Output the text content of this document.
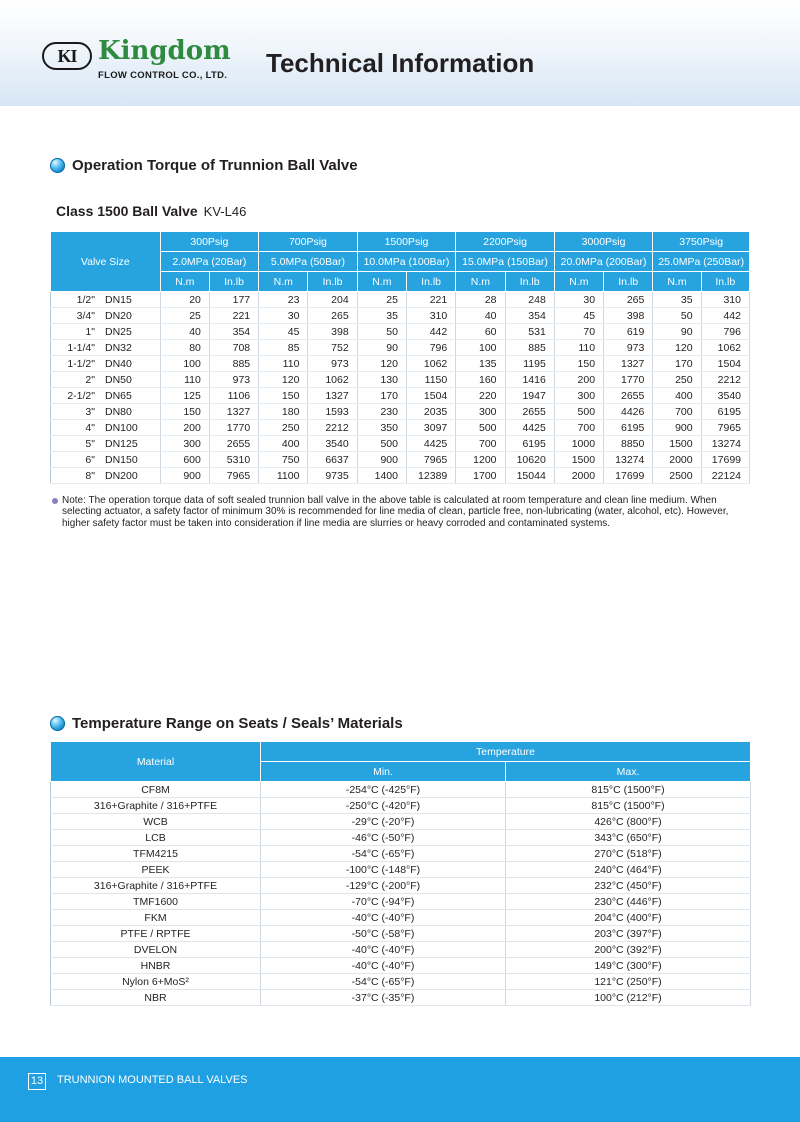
KI Kingdom
FLOW CONTROL CO., LTD. Technical Information
Operation Torque of Trunnion Ball Valve
Class 1500 Ball Valve KV-L46
Valve Size	300Psig		700Psig		1500Psig		2200Psig		3000Psig		3750Psig	
	2.0MPa (20Bar)		5.0MPa (50Bar)		10.0MPa (100Bar)		15.0MPa (150Bar)		20.0MPa (200Bar)		25.0MPa (250Bar)	
	N.m	In.lb	N.m	In.lb	N.m	In.lb	N.m	In.lb	N.m	In.lb	N.m	In.lb
1/2" DN15	20	177	23	204	25	221	28	248	30	265	35	310
3/4" DN20	25	221	30	265	35	310	40	354	45	398	50	442
1" DN25	40	354	45	398	50	442	60	531	70	619	90	796
1-1/4" DN32	80	708	85	752	90	796	100	885	110	973	120	1062
1-1/2" DN40	100	885	110	973	120	1062	135	1195	150	1327	170	1504
2" DN50	110	973	120	1062	130	1150	160	1416	200	1770	250	2212
2-1/2" DN65	125	1106	150	1327	170	1504	220	1947	300	2655	400	3540
3" DN80	150	1327	180	1593	230	2035	300	2655	500	4426	700	6195
4" DN100	200	1770	250	2212	350	3097	500	4425	700	6195	900	7965
5" DN125	300	2655	400	3540	500	4425	700	6195	1000	8850	1500	13274
6" DN150	600	5310	750	6637	900	7965	1200	10620	1500	13274	2000	17699
8" DN200	900	7965	1100	9735	1400	12389	1700	15044	2000	17699	2500	22124
Note: The operation torque data of soft sealed trunnion ball valve in the above table is calculated at room temperature and clean line medium. When selecting actuator, a safety factor of minimum 30% is recommended for line media of clean, particle free, non-lubricating (water, alcohol, etc). However, higher safety factor must be taken into consideration if line media are slurries or heavy corroded and contaminated systems.
Temperature Range on Seats / Seals’ Materials
Material	Temperature	
	Min.	Max.
CF8M	-254°C (-425°F)	815°C (1500°F)
316+Graphite / 316+PTFE	-250°C (-420°F)	815°C (1500°F)
WCB	-29°C (-20°F)	426°C (800°F)
LCB	-46°C (-50°F)	343°C (650°F)
TFM4215	-54°C (-65°F)	270°C (518°F)
PEEK	-100°C (-148°F)	240°C (464°F)
316+Graphite / 316+PTFE	-129°C (-200°F)	232°C (450°F)
TMF1600	-70°C (-94°F)	230°C (446°F)
FKM	-40°C (-40°F)	204°C (400°F)
PTFE / RPTFE	-50°C (-58°F)	203°C (397°F)
DVELON	-40°C (-40°F)	200°C (392°F)
HNBR	-40°C (-40°F)	149°C (300°F)
Nylon 6+MoS²	-54°C (-65°F)	121°C (250°F)
NBR	-37°C (-35°F)	100°C (212°F)
13 TRUNNION MOUNTED BALL VALVES
